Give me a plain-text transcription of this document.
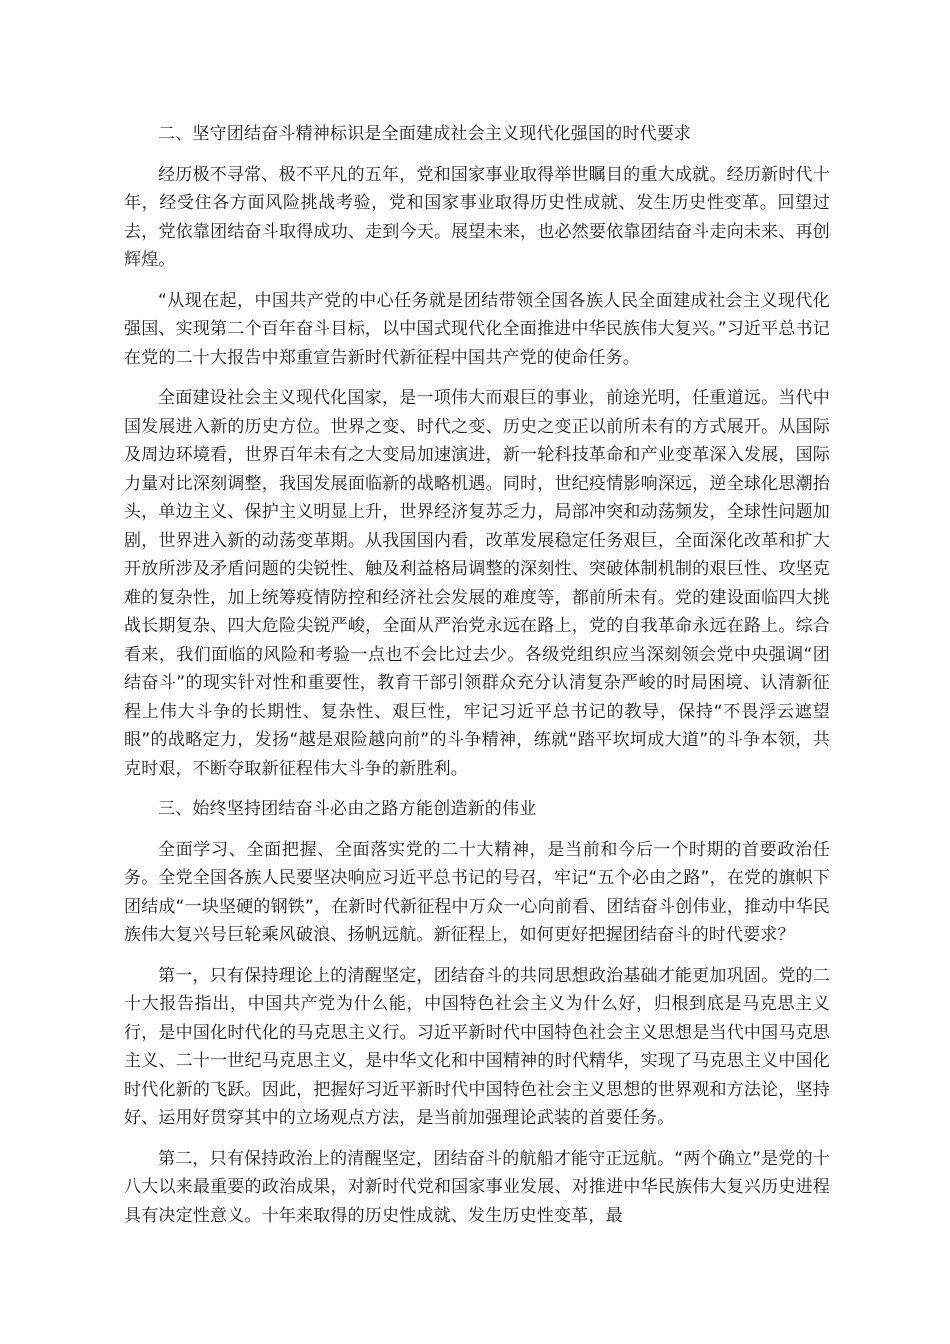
二、坚守团结奋斗精神标识是全面建成社会主义现代化强国的时代要求

经历极不寻常、极不平凡的五年，党和国家事业取得举世瞩目的重大成就。经历新时代十年，经受住各方面风险挑战考验，党和国家事业取得历史性成就、发生历史性变革。回望过去，党依靠团结奋斗取得成功、走到今天。展望未来，也必然要依靠团结奋斗走向未来、再创辉煌。

“从现在起，中国共产党的中心任务就是团结带领全国各族人民全面建成社会主义现代化强国、实现第二个百年奋斗目标，以中国式现代化全面推进中华民族伟大复兴。”习近平总书记在党的二十大报告中郑重宣告新时代新征程中国共产党的使命任务。

全面建设社会主义现代化国家，是一项伟大而艰巨的事业，前途光明，任重道远。当代中国发展进入新的历史方位。世界之变、时代之变、历史之变正以前所未有的方式展开。从国际及周边环境看，世界百年未有之大变局加速演进，新一轮科技革命和产业变革深入发展，国际力量对比深刻调整，我国发展面临新的战略机遇。同时，世纪疫情影响深远，逆全球化思潮抬头，单边主义、保护主义明显上升，世界经济复苏乏力，局部冲突和动荡频发，全球性问题加剧，世界进入新的动荡变革期。从我国国内看，改革发展稳定任务艰巨，全面深化改革和扩大开放所涉及矛盾问题的尖锐性、触及利益格局调整的深刻性、突破体制机制的艰巨性、攻坚克难的复杂性，加上统筹疫情防控和经济社会发展的难度等，都前所未有。党的建设面临四大挑战长期复杂、四大危险尖锐严峻，全面从严治党永远在路上，党的自我革命永远在路上。综合看来，我们面临的风险和考验一点也不会比过去少。各级党组织应当深刻领会党中央强调“团结奋斗”的现实针对性和重要性，教育干部引领群众充分认清复杂严峻的时局困境、认清新征程上伟大斗争的长期性、复杂性、艰巨性，牢记习近平总书记的教导，保持“不畏浮云遮望眼”的战略定力，发扬“越是艰险越向前”的斗争精神，练就“踏平坎坷成大道”的斗争本领，共克时艰，不断夺取新征程伟大斗争的新胜利。

三、始终坚持团结奋斗必由之路方能创造新的伟业

全面学习、全面把握、全面落实党的二十大精神，是当前和今后一个时期的首要政治任务。全党全国各族人民要坚决响应习近平总书记的号召，牢记“五个必由之路”，在党的旗帜下团结成“一块坚硬的钢铁”，在新时代新征程中万众一心向前看、团结奋斗创伟业，推动中华民族伟大复兴号巨轮乘风破浪、扬帆远航。新征程上，如何更好把握团结奋斗的时代要求？

第一，只有保持理论上的清醒坚定，团结奋斗的共同思想政治基础才能更加巩固。党的二十大报告指出，中国共产党为什么能，中国特色社会主义为什么好，归根到底是马克思主义行，是中国化时代化的马克思主义行。习近平新时代中国特色社会主义思想是当代中国马克思主义、二十一世纪马克思主义，是中华文化和中国精神的时代精华，实现了马克思主义中国化时代化新的飞跃。因此，把握好习近平新时代中国特色社会主义思想的世界观和方法论，坚持好、运用好贯穿其中的立场观点方法，是当前加强理论武装的首要任务。

第二，只有保持政治上的清醒坚定，团结奋斗的航船才能守正远航。“两个确立”是党的十八大以来最重要的政治成果，对新时代党和国家事业发展、对推进中华民族伟大复兴历史进程具有决定性意义。十年来取得的历史性成就、发生历史性变革，最
